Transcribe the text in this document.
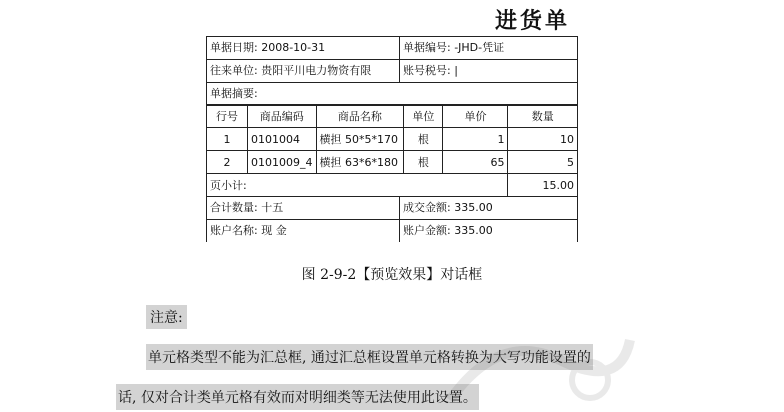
进货单
单据日期: 2008-10-31	单据编号: -JHD-凭证
往来单位: 贵阳平川电力物资有限	账号税号: |
单据摘要:
行号	商品编码	商品名称	单位	单价	数量
1	0101004	横担 50*5*170	根	1	10
2	0101009_4	横担 63*6*180	根	65	5
页小计:					15.00
合计数量: 十五	成交金额: 335.00
账户名称: 现 金	账户金额: 335.00
图 2-9-2【预览效果】对话框
注意:
单元格类型不能为汇总框, 通过汇总框设置单元格转换为大写功能设置的
话, 仅对合计类单元格有效而对明细类等无法使用此设置。
